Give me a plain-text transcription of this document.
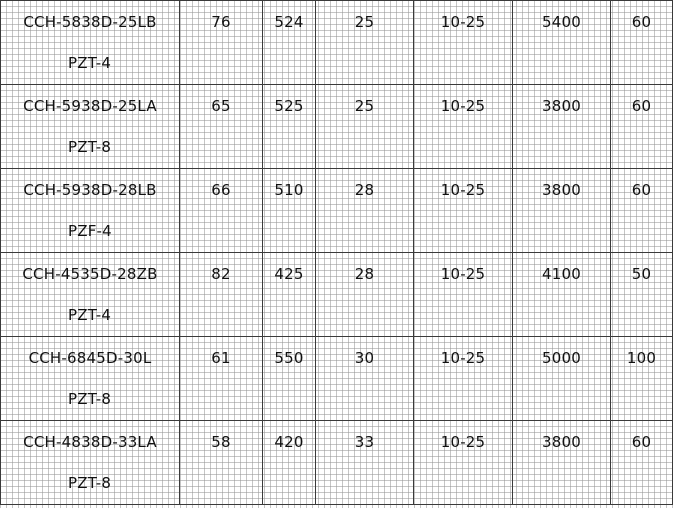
CCH-5838D-25LB
PZT-4	76	524	25	10-25	5400	60

CCH-5938D-25LA
PZT-8	65	525	25	10-25	3800	60

CCH-5938D-28LB
PZF-4	66	510	28	10-25	3800	60

CCH-4535D-28ZB
PZT-4	82	425	28	10-25	4100	50

CCH-6845D-30L
PZT-8	61	550	30	10-25	5000	100

CCH-4838D-33LA
PZT-8	58	420	33	10-25	3800	60
